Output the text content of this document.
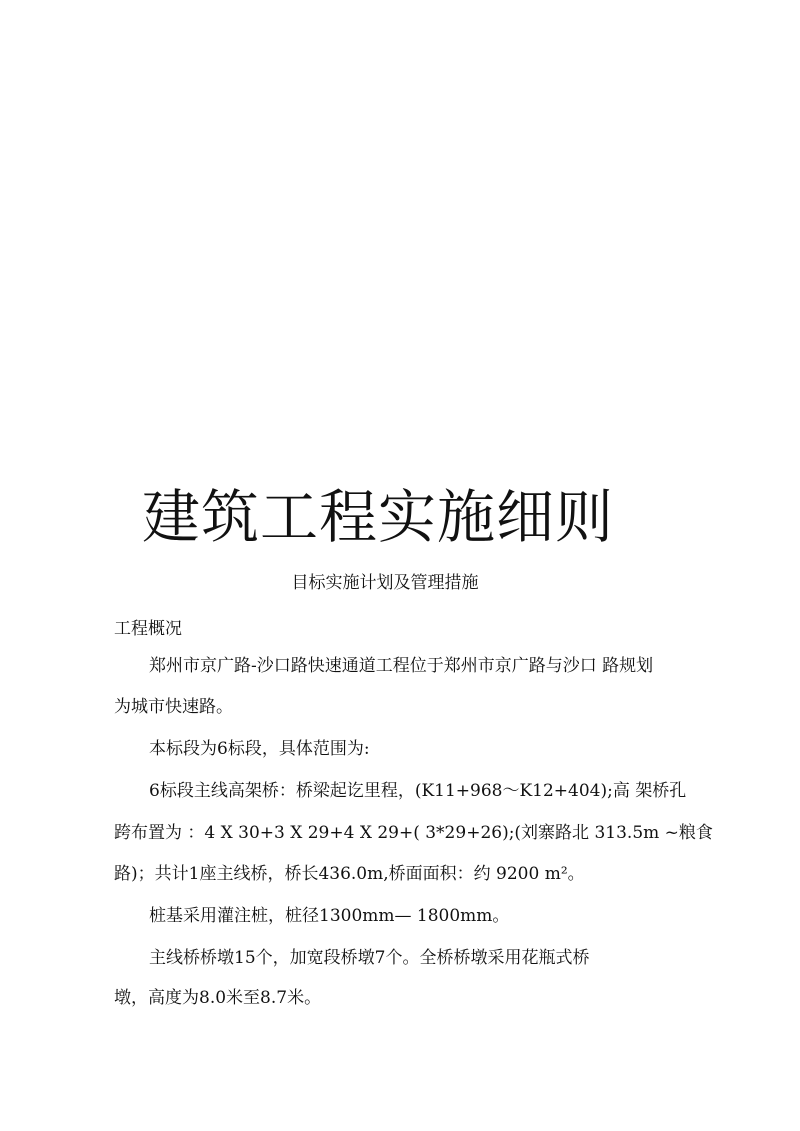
建筑工程实施细则
目标实施计划及管理措施
工程概况
郑州市京广路-沙口路快速通道工程位于郑州市京广路与沙口 路规划
为城市快速路。
本标段为6标段，具体范围为:
6标段主线高架桥：桥梁起讫里程，(K11+968～K12+404);高 架桥孔
跨布置为 ：4 X 30+3 X 29+4 X 29+( 3*29+26);(刘寨路北 313.5m ~粮食
路)；共计1座主线桥，桥长436.0m,桥面面积：约 9200 m²。
桩基采用灌注桩，桩径1300mm— 1800mm。
主线桥桥墩15个，加宽段桥墩7个。全桥桥墩采用花瓶式桥
墩，高度为8.0米至8.7米。
